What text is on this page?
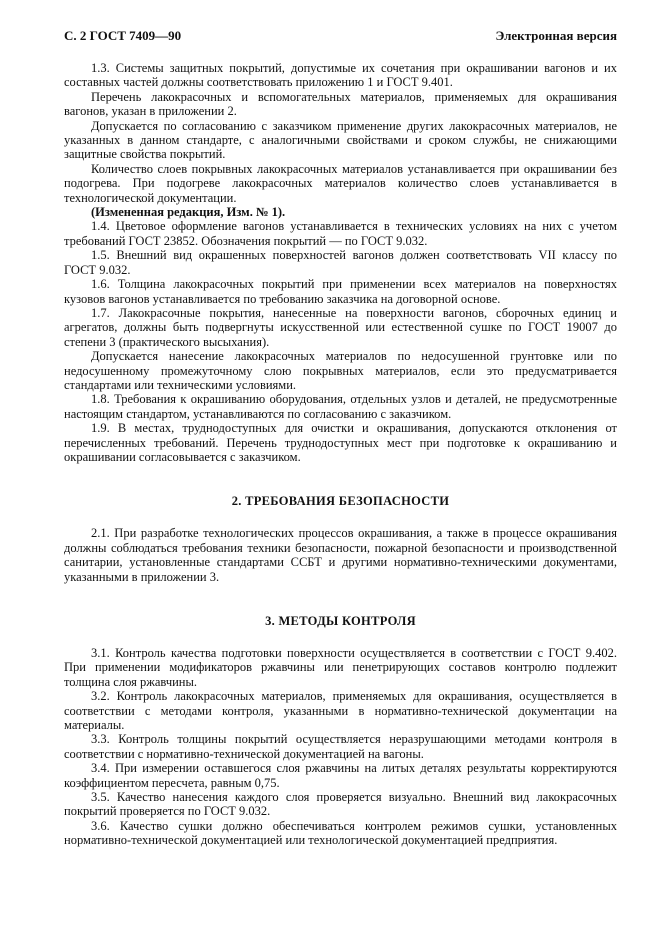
С. 2 ГОСТ 7409—90	Электронная версия

1.3. Системы защитных покрытий, допустимые их сочетания при окрашивании вагонов и их составных частей должны соответствовать приложению 1 и ГОСТ 9.401.

Перечень лакокрасочных и вспомогательных материалов, применяемых для окрашивания вагонов, указан в приложении 2.

Допускается по согласованию с заказчиком применение других лакокрасочных материалов, не указанных в данном стандарте, с аналогичными свойствами и сроком службы, не снижающими защитные свойства покрытий.

Количество слоев покрывных лакокрасочных материалов устанавливается при окрашивании без подогрева. При подогреве лакокрасочных материалов количество слоев устанавливается в технологической документации.

(Измененная редакция, Изм. № 1).

1.4. Цветовое оформление вагонов устанавливается в технических условиях на них с учетом требований ГОСТ 23852. Обозначения покрытий — по ГОСТ 9.032.

1.5. Внешний вид окрашенных поверхностей вагонов должен соответствовать VII классу по ГОСТ 9.032.

1.6. Толщина лакокрасочных покрытий при применении всех материалов на поверхностях кузовов вагонов устанавливается по требованию заказчика на договорной основе.

1.7. Лакокрасочные покрытия, нанесенные на поверхности вагонов, сборочных единиц и агрегатов, должны быть подвергнуты искусственной или естественной сушке по ГОСТ 19007 до степени 3 (практического высыхания).

Допускается нанесение лакокрасочных материалов по недосушенной грунтовке или по недосушенному промежуточному слою покрывных материалов, если это предусматривается стандартами или техническими условиями.

1.8. Требования к окрашиванию оборудования, отдельных узлов и деталей, не предусмотренные настоящим стандартом, устанавливаются по согласованию с заказчиком.

1.9. В местах, труднодоступных для очистки и окрашивания, допускаются отклонения от перечисленных требований. Перечень труднодоступных мест при подготовке к окрашиванию и окрашивании согласовывается с заказчиком.

2. ТРЕБОВАНИЯ БЕЗОПАСНОСТИ

2.1. При разработке технологических процессов окрашивания, а также в процессе окрашивания должны соблюдаться требования техники безопасности, пожарной безопасности и производственной санитарии, установленные стандартами ССБТ и другими нормативно-техническими документами, указанными в приложении 3.

3. МЕТОДЫ КОНТРОЛЯ

3.1. Контроль качества подготовки поверхности осуществляется в соответствии с ГОСТ 9.402. При применении модификаторов ржавчины или пенетрирующих составов контролю подлежит толщина слоя ржавчины.

3.2. Контроль лакокрасочных материалов, применяемых для окрашивания, осуществляется в соответствии с методами контроля, указанными в нормативно-технической документации на материалы.

3.3. Контроль толщины покрытий осуществляется неразрушающими методами контроля в соответствии с нормативно-технической документацией на вагоны.

3.4. При измерении оставшегося слоя ржавчины на литых деталях результаты корректируются коэффициентом пересчета, равным 0,75.

3.5. Качество нанесения каждого слоя проверяется визуально. Внешний вид лакокрасочных покрытий проверяется по ГОСТ 9.032.

3.6. Качество сушки должно обеспечиваться контролем режимов сушки, установленных нормативно-технической документацией или технологической документацией предприятия.
